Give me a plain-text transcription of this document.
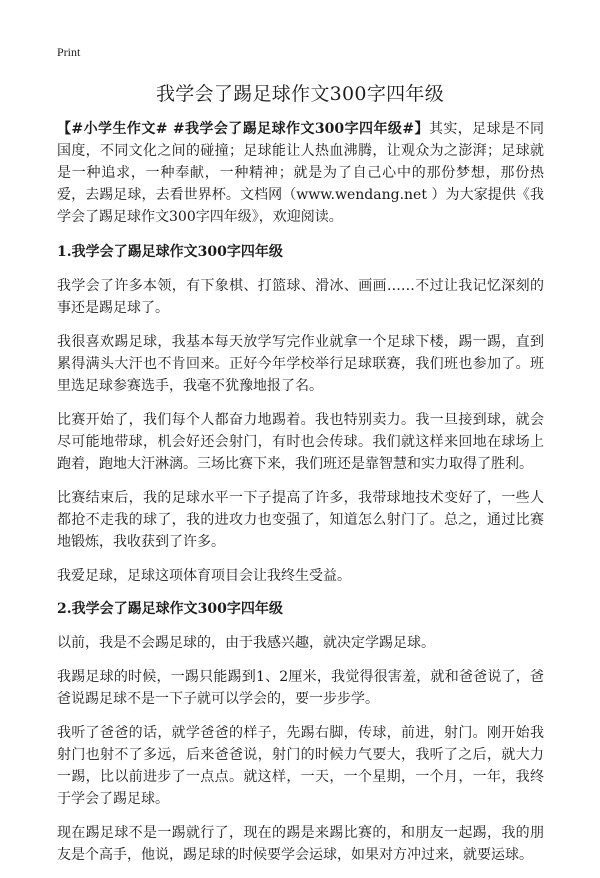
Print
我学会了踢足球作文300字四年级

【#小学生作文# #我学会了踢足球作文300字四年级#】其实，足球是不同国度，不同文化之间的碰撞；足球能让人热血沸腾，让观众为之澎湃；足球就是一种追求，一种奉献，一种精神；就是为了自己心中的那份梦想，那份热爱，去踢足球，去看世界杯。文档网（www.wendang.net ）为大家提供《我学会了踢足球作文300字四年级》，欢迎阅读。

1.我学会了踢足球作文300字四年级

我学会了许多本领，有下象棋、打篮球、滑冰、画画……不过让我记忆深刻的事还是踢足球了。

我很喜欢踢足球，我基本每天放学写完作业就拿一个足球下楼，踢一踢，直到累得满头大汗也不肯回来。正好今年学校举行足球联赛，我们班也参加了。班里选足球参赛选手，我毫不犹豫地报了名。

比赛开始了，我们每个人都奋力地踢着。我也特别卖力。我一旦接到球，就会尽可能地带球，机会好还会射门，有时也会传球。我们就这样来回地在球场上跑着，跑地大汗淋漓。三场比赛下来，我们班还是靠智慧和实力取得了胜利。

比赛结束后，我的足球水平一下子提高了许多，我带球地技术变好了，一些人都抢不走我的球了，我的进攻力也变强了，知道怎么射门了。总之，通过比赛地锻炼，我收获到了许多。

我爱足球，足球这项体育项目会让我终生受益。

2.我学会了踢足球作文300字四年级

以前，我是不会踢足球的，由于我感兴趣，就决定学踢足球。

我踢足球的时候，一踢只能踢到1、2厘米，我觉得很害羞，就和爸爸说了，爸爸说踢足球不是一下子就可以学会的，要一步步学。

我听了爸爸的话，就学爸爸的样子，先踢右脚，传球，前进，射门。刚开始我射门也射不了多远，后来爸爸说，射门的时候力气要大，我听了之后，就大力一踢，比以前进步了一点点。就这样，一天，一个星期，一个月，一年，我终于学会了踢足球。

现在踢足球不是一踢就行了，现在的踢是来踢比赛的，和朋友一起踢，我的朋友是个高手，他说，踢足球的时候要学会运球，如果对方冲过来，就要运球。
